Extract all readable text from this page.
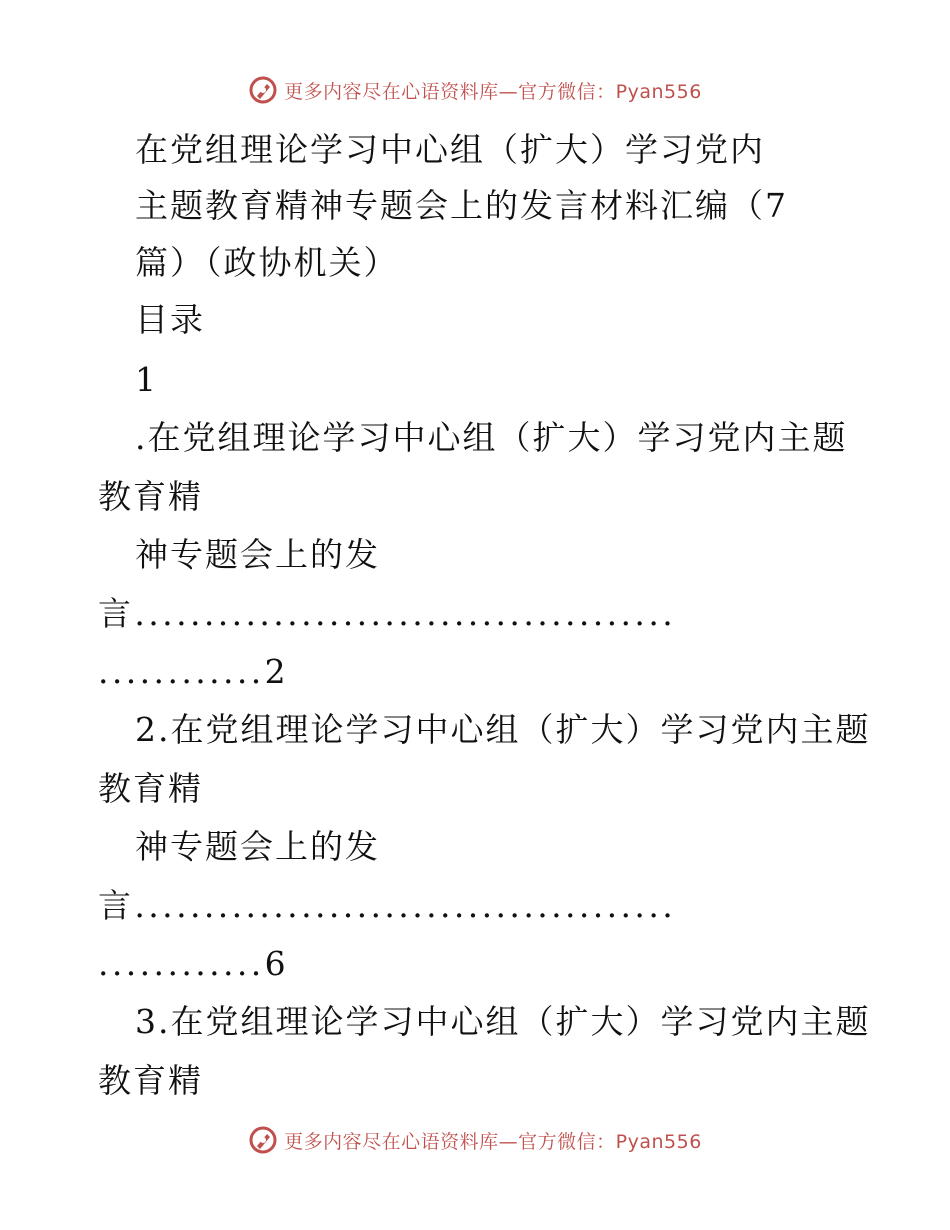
更多内容尽在心语资料库—官方微信：Pyan556
在党组理论学习中心组（扩大）学习党内
主题教育精神专题会上的发言材料汇编（7
篇）（政协机关）
目录
1
.在党组理论学习中心组（扩大）学习党内主题
教育精
神专题会上的发
言.......................................
............2
2.在党组理论学习中心组（扩大）学习党内主题
教育精
神专题会上的发
言.......................................
............6
3.在党组理论学习中心组（扩大）学习党内主题
教育精
更多内容尽在心语资料库—官方微信：Pyan556
